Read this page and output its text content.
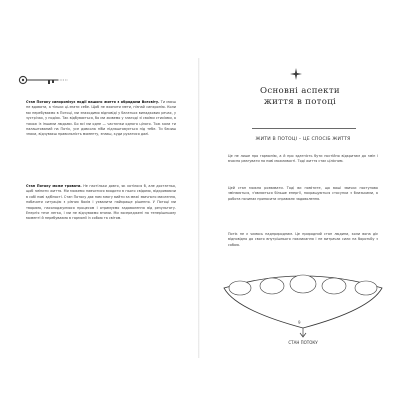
Стан Потоку синхронізує події вашого життя з обрядами Всесвіту. Ти маєш не вдавати, а тільки ці-знати себе. Щоб не вхопити мети, пізнай синхронію. Коли ми перебуваємо в Потоці, ми знаходимо відповіді у багатьох випадкових речах, у зустрічах, у подіях. Так відбувається, бо ми живемо у злагоді зі своїми стихіями, а також із іншими людьми. Бо всі ми одне — частинки одного цілого. Тож коли ти налаштований на Потік, усе довкола ніби підлаштовується під тебе. Ти бачиш знаки, відчуваєш правильність моменту, знаєш, куди рухатися далі.
Стан Потоку може тривати. Не настільки довго, як хотілося б, але достатньо, щоб змінити життя. Ми можемо навчитися входити в нього свідомо, відкриваючи в собі нові здібності. Стан Потоку дає нам змогу вийти за межі звичного мислення, побачити ситуацію з різних боків і ухвалити найкраще рішення. У Потоці ми творимо, насолоджуємося процесом і отримуємо задоволення від результату. Енергія тече легко, і ми не відчуваємо втоми. Ми зосереджені на теперішньому моменті й перебуваємо в гармонії із собою та світом.
Основні аспекти
життя в потоці
ЖИТИ В ПОТОЦІ – ЦЕ СПОСІБ ЖИТТЯ
Це не лише про гармонію, а й про здатність бути постійно відкритим до змін і вчасно реагувати на нові можливості. Тоді життя стає цілісним.
Цей стан можна розвивати. Тоді ви помітите, що ваші звички поступово змінюються, з'являється більше енергії, покращуються стосунки з близькими, а робота починає приносити справжнє задоволення.
Потік не є чимось надприродним. Це природний стан людини, коли вона діє відповідно до свого внутрішнього покликання і не витрачає сили на боротьбу з собою.
СТАН ПОТОКУ
9
